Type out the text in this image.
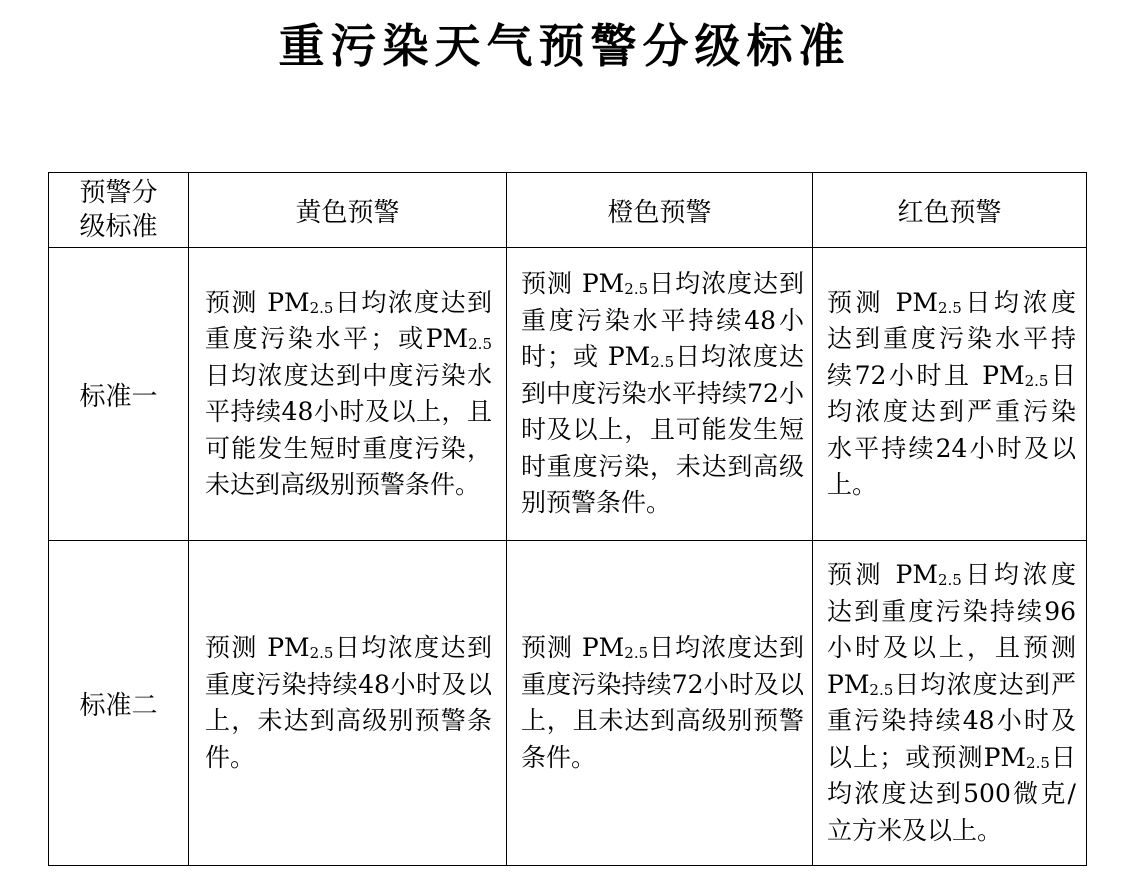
重污染天气预警分级标准
预警分
级标准	黄色预警	橙色预警	红色预警
标准一	预测 $PM_{2.5}$日均浓度达到重度污染水平；或$PM_{2.5}$日均浓度达到中度污染水平持续48小时及以上，且可能发生短时重度污染，未达到高级别预警条件。	预测 $PM_{2.5}$日均浓度达到重度污染水平持续48小时；或 $PM_{2.5}$日均浓度达到中度污染水平持续72小时及以上，且可能发生短时重度污染，未达到高级别预警条件。	预测 $PM_{2.5}$日均浓度达到重度污染水平持续72小时且 $PM_{2.5}$日均浓度达到严重污染水平持续24小时及以上。
标准二	预测 $PM_{2.5}$日均浓度达到重度污染持续48小时及以上，未达到高级别预警条件。	预测 $PM_{2.5}$日均浓度达到重度污染持续72小时及以上，且未达到高级别预警条件。	预测 $PM_{2.5}$日均浓度达到重度污染持续96小时及以上，且预测 $PM_{2.5}$日均浓度达到严重污染持续48小时及以上；或预测$PM_{2.5}$日均浓度达到500微克/立方米及以上。
